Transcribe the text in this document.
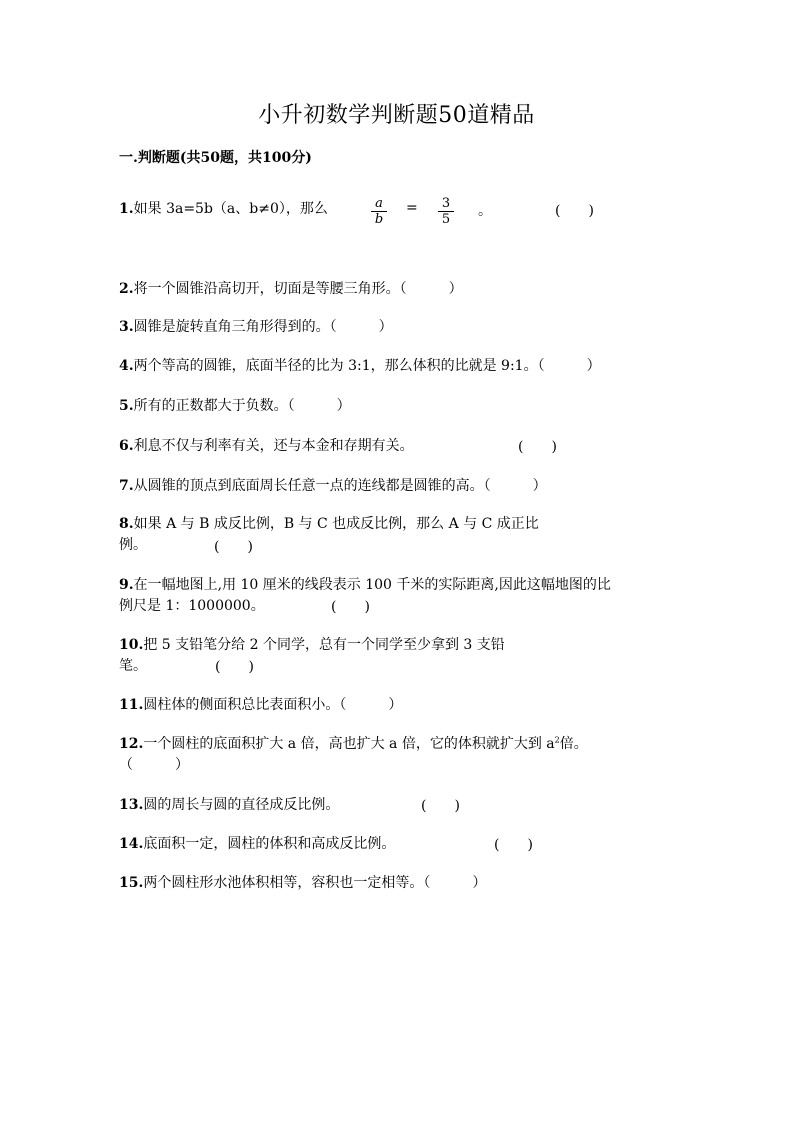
小升初数学判断题50道精品
一.判断题(共50题，共100分)
1.如果 3a=5b（a、b≠0），那么	$\frac{a}{b} = \frac{3}{5}$ 。	(　　)
2.将一个圆锥沿高切开，切面是等腰三角形。（　　　）
3.圆锥是旋转直角三角形得到的。（　　　）
4.两个等高的圆锥，底面半径的比为 3:1，那么体积的比就是 9:1。（　　　）
5.所有的正数都大于负数。（　　　）
6.利息不仅与利率有关，还与本金和存期有关。	(　　)
7.从圆锥的顶点到底面周长任意一点的连线都是圆锥的高。（　　　）
8.如果 A 与 B 成反比例，B 与 C 也成反比例，那么 A 与 C 成正比
例。	(　　)
9.在一幅地图上,用 10 厘米的线段表示 100 千米的实际距离,因此这幅地图的比
例尺是 1：1000000。	(　　)
10.把 5 支铅笔分给 2 个同学，总有一个同学至少拿到 3 支铅
笔。	(　　)
11.圆柱体的侧面积总比表面积小。（　　　）
12.一个圆柱的底面积扩大 a 倍，高也扩大 a 倍，它的体积就扩大到 $a^2$倍。
（　　　）
13.圆的周长与圆的直径成反比例。	(　　)
14.底面积一定，圆柱的体积和高成反比例。	(　　)
15.两个圆柱形水池体积相等，容积也一定相等。（　　　）
